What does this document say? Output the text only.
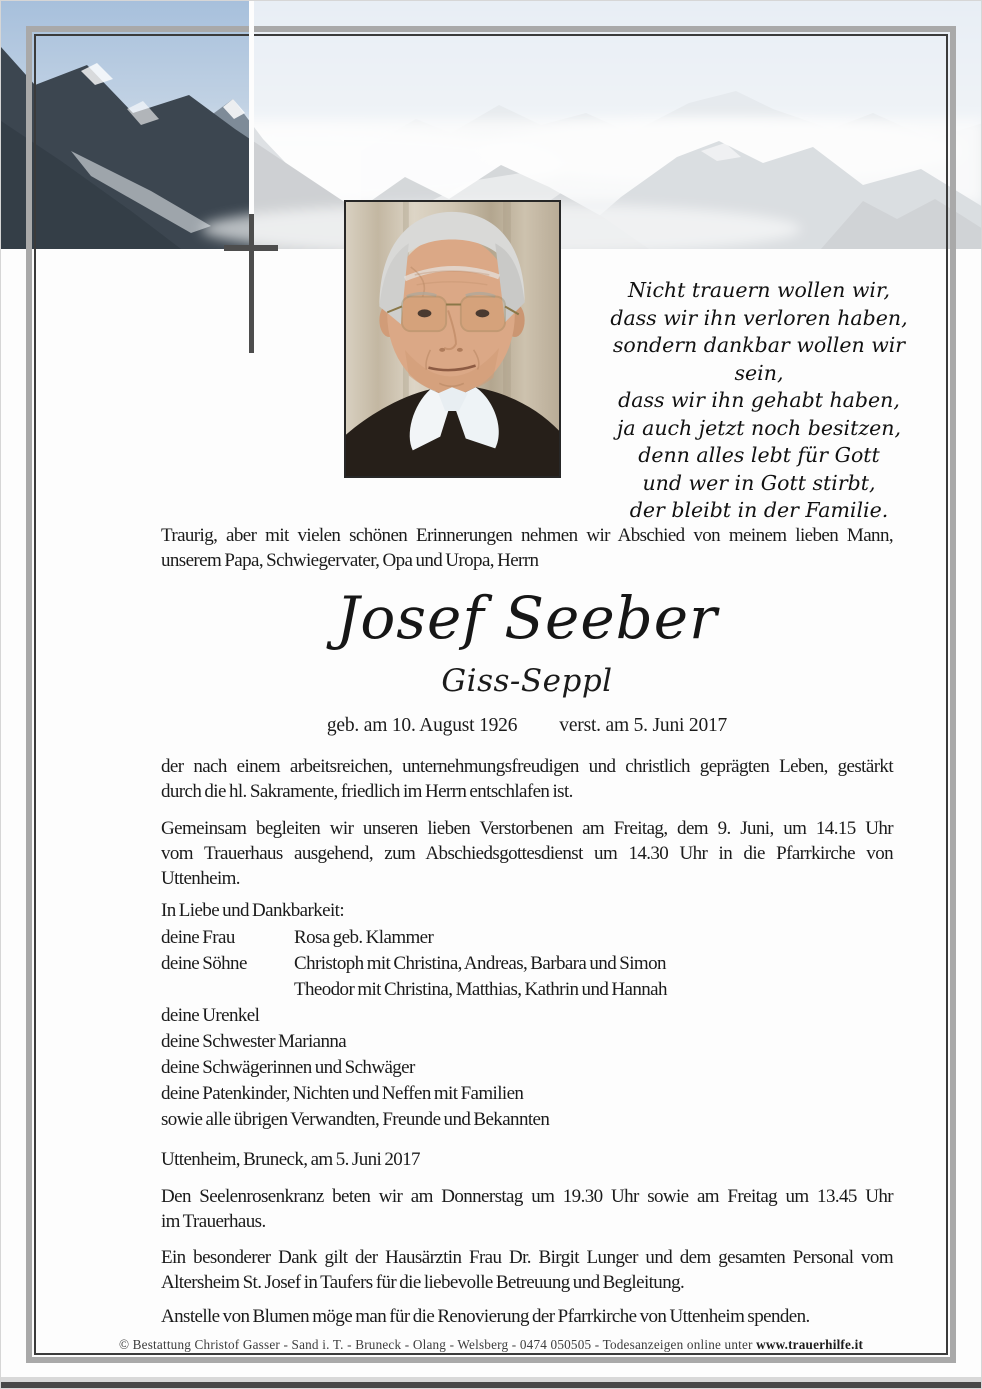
Nicht trauern wollen wir,
dass wir ihn verloren haben,
sondern dankbar wollen wir sein,
dass wir ihn gehabt haben,
ja auch jetzt noch besitzen,
denn alles lebt für Gott
und wer in Gott stirbt,
der bleibt in der Familie.
Traurig, aber mit vielen schönen Erinnerungen nehmen wir Abschied von meinem lieben Mann,
unserem Papa, Schwiegervater, Opa und Uropa, Herrn
Josef Seeber
Giss-Seppl
geb. am 10. August 1926 verst. am 5. Juni 2017
der nach einem arbeitsreichen, unternehmungsfreudigen und christlich geprägten Leben, gestärkt
durch die hl. Sakramente, friedlich im Herrn entschlafen ist.
Gemeinsam begleiten wir unseren lieben Verstorbenen am Freitag, dem 9. Juni, um 14.15 Uhr
vom Trauerhaus ausgehend, zum Abschiedsgottesdienst um 14.30 Uhr in die Pfarrkirche von
Uttenheim.
In Liebe und Dankbarkeit:
deine Frau	Rosa geb. Klammer
deine Söhne	Christoph mit Christina, Andreas, Barbara und Simon
Theodor mit Christina, Matthias, Kathrin und Hannah
deine Urenkel
deine Schwester Marianna
deine Schwägerinnen und Schwäger
deine Patenkinder, Nichten und Neffen mit Familien
sowie alle übrigen Verwandten, Freunde und Bekannten
Uttenheim, Bruneck, am 5. Juni 2017
Den Seelenrosenkranz beten wir am Donnerstag um 19.30 Uhr sowie am Freitag um 13.45 Uhr
im Trauerhaus.
Ein besonderer Dank gilt der Hausärztin Frau Dr. Birgit Lunger und dem gesamten Personal vom
Altersheim St. Josef in Taufers für die liebevolle Betreuung und Begleitung.
Anstelle von Blumen möge man für die Renovierung der Pfarrkirche von Uttenheim spenden.
© Bestattung Christof Gasser - Sand i. T. - Bruneck - Olang - Welsberg - 0474 050505 - Todesanzeigen online unter www.trauerhilfe.it
